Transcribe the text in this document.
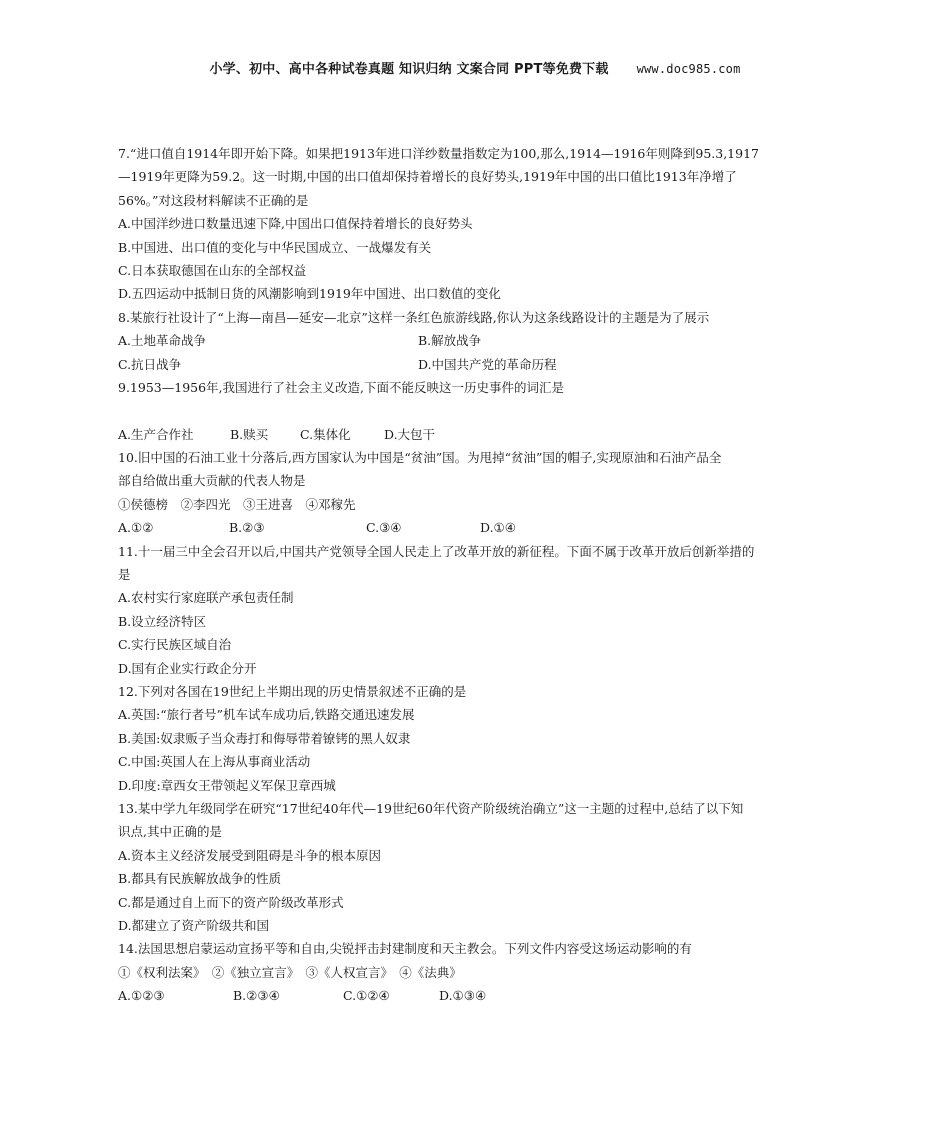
小学、初中、高中各种试卷真题 知识归纳 文案合同 PPT等免费下载 www.doc985.com
7.“进口值自1914年即开始下降。如果把1913年进口洋纱数量指数定为100,那么,1914—1916年则降到95.3,1917
—1919年更降为59.2。这一时期,中国的出口值却保持着增长的良好势头,1919年中国的出口值比1913年净增了
56%。”对这段材料解读不正确的是
A.中国洋纱进口数量迅速下降,中国出口值保持着增长的良好势头
B.中国进、出口值的变化与中华民国成立、一战爆发有关
C.日本获取德国在山东的全部权益
D.五四运动中抵制日货的风潮影响到1919年中国进、出口数值的变化
8.某旅行社设计了“上海—南昌—延安—北京”这样一条红色旅游线路,你认为这条线路设计的主题是为了展示
A.土地革命战争	B.解放战争
C.抗日战争	D.中国共产党的革命历程
9.1953—1956年,我国进行了社会主义改造,下面不能反映这一历史事件的词汇是
A.生产合作社	B.赎买	C.集体化	D.大包干
10.旧中国的石油工业十分落后,西方国家认为中国是“贫油”国。为甩掉“贫油”国的帽子,实现原油和石油产品全
部自给做出重大贡献的代表人物是
①侯德榜　②李四光　③王进喜　④邓稼先
A.①②	B.②③	C.③④	D.①④
11.十一届三中全会召开以后,中国共产党领导全国人民走上了改革开放的新征程。下面不属于改革开放后创新举措的
是
A.农村实行家庭联产承包责任制
B.设立经济特区
C.实行民族区域自治
D.国有企业实行政企分开
12.下列对各国在19世纪上半期出现的历史情景叙述不正确的是
A.英国:“旅行者号”机车试车成功后,铁路交通迅速发展
B.美国:奴隶贩子当众毒打和侮辱带着镣铐的黑人奴隶
C.中国:英国人在上海从事商业活动
D.印度:章西女王带领起义军保卫章西城
13.某中学九年级同学在研究“17世纪40年代—19世纪60年代资产阶级统治确立”这一主题的过程中,总结了以下知
识点,其中正确的是
A.资本主义经济发展受到阻碍是斗争的根本原因
B.都具有民族解放战争的性质
C.都是通过自上而下的资产阶级改革形式
D.都建立了资产阶级共和国
14.法国思想启蒙运动宣扬平等和自由,尖锐抨击封建制度和天主教会。下列文件内容受这场运动影响的有
①《权利法案》　②《独立宣言》　③《人权宣言》　④《法典》
A.①②③	B.②③④	C.①②④	D.①③④
